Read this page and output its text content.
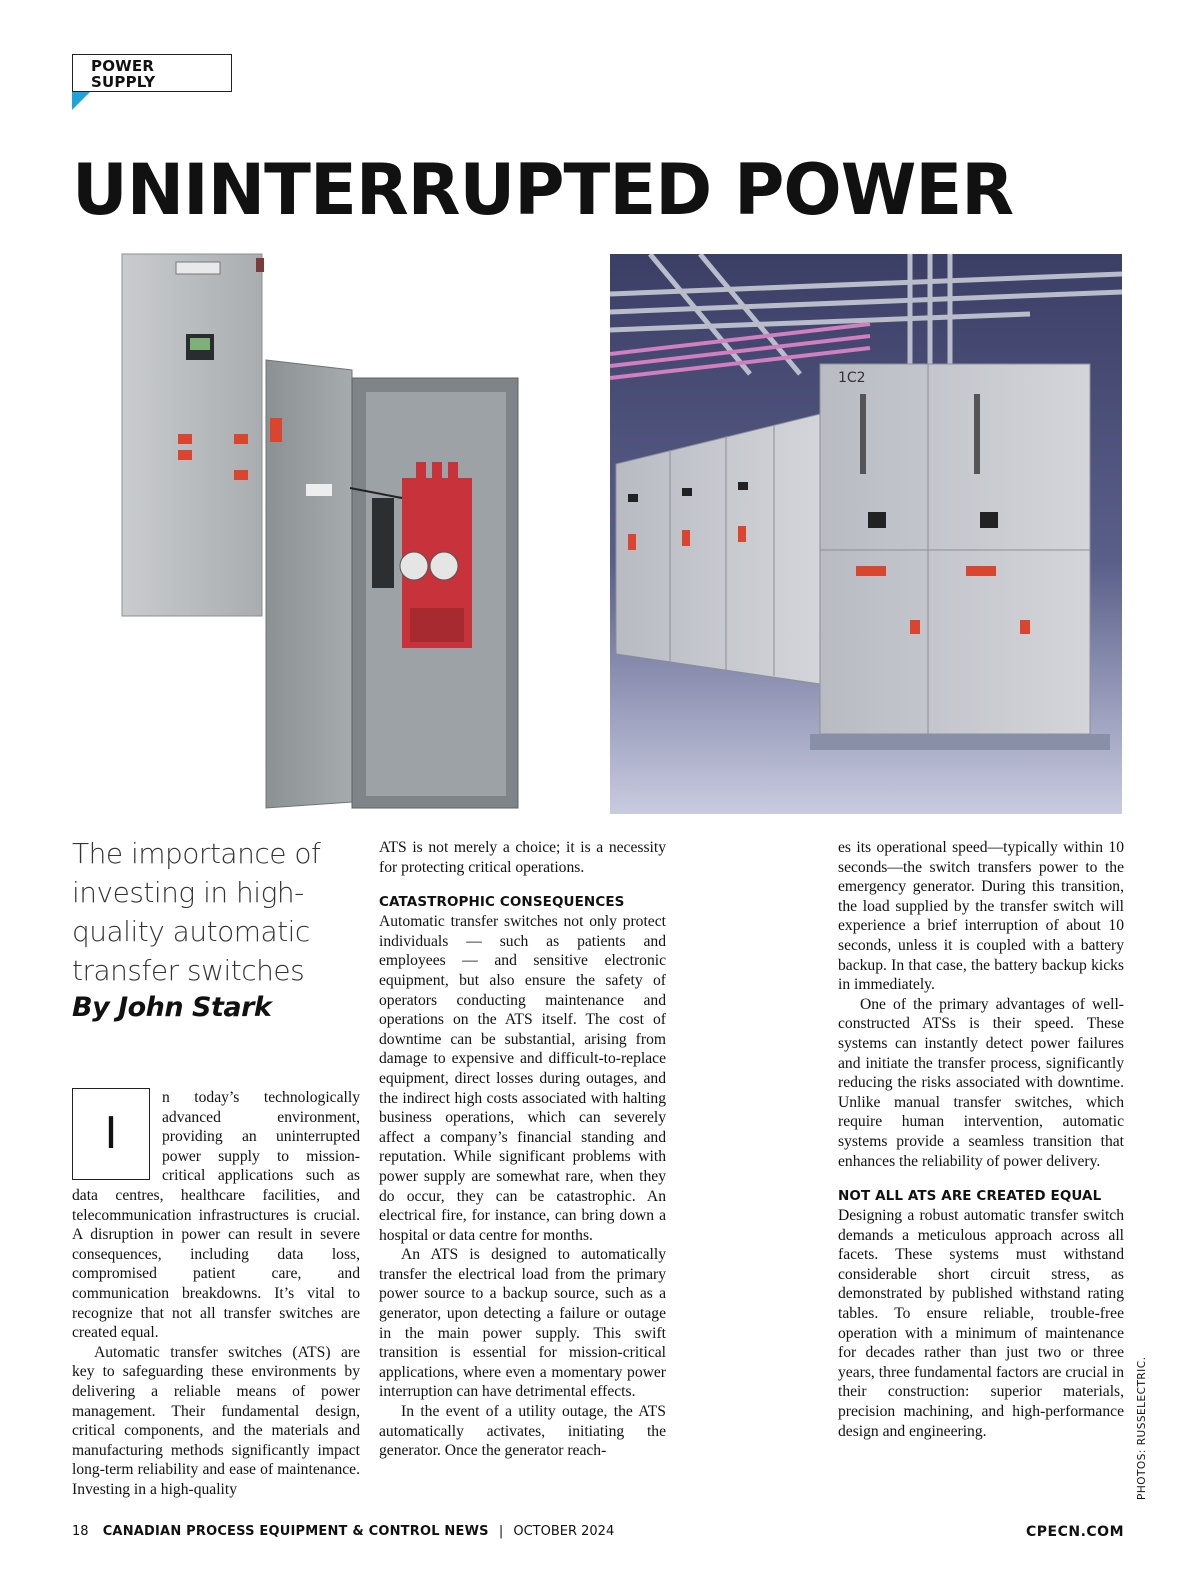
POWER
SUPPLY
UNINTERRUPTED POWER
1C2
The importance of investing in high-quality automatic transfer switches
By John Stark
I

n today’s technologically advanced environment, providing an uninterrupted power supply to mission-critical applications such as data centres, healthcare facilities, and telecommunication infrastructures is crucial. A disruption in power can result in severe consequences, including data loss, compromised patient care, and communication breakdowns. It’s vital to recognize that not all transfer switches are created equal.

Automatic transfer switches (ATS) are key to safeguarding these environments by delivering a reliable means of power management. Their fundamental design, critical components, and the materials and manufacturing methods significantly impact long-term reliability and ease of maintenance. Investing in a high-quality

ATS is not merely a choice; it is a necessity for protecting critical operations.

CATASTROPHIC CONSEQUENCES

Automatic transfer switches not only protect individuals — such as patients and employees — and sensitive electronic equipment, but also ensure the safety of operators conducting maintenance and operations on the ATS itself. The cost of downtime can be substantial, arising from damage to expensive and difficult-to-replace equipment, direct losses during outages, and the indirect high costs associated with halting business operations, which can severely affect a company’s financial standing and reputation. While significant problems with power supply are somewhat rare, when they do occur, they can be catastrophic. An electrical fire, for instance, can bring down a hospital or data centre for months.

An ATS is designed to automatically transfer the electrical load from the primary power source to a backup source, such as a generator, upon detecting a failure or outage in the main power supply. This swift transition is essential for mission-critical applications, where even a momentary power interruption can have detrimental effects.

In the event of a utility outage, the ATS automatically activates, initiating the generator. Once the generator reach-

es its operational speed—typically within 10 seconds—the switch transfers power to the emergency generator. During this transition, the load supplied by the transfer switch will experience a brief interruption of about 10 seconds, unless it is coupled with a battery backup. In that case, the battery backup kicks in immediately.

One of the primary advantages of well-constructed ATSs is their speed. These systems can instantly detect power failures and initiate the transfer process, significantly reducing the risks associated with downtime. Unlike manual transfer switches, which require human intervention, automatic systems provide a seamless transition that enhances the reliability of power delivery.

NOT ALL ATS ARE CREATED EQUAL

Designing a robust automatic transfer switch demands a meticulous approach across all facets. These systems must withstand considerable short circuit stress, as demonstrated by published withstand rating tables. To ensure reliable, trouble-free operation with a minimum of maintenance for decades rather than just two or three years, three fundamental factors are crucial in their construction: superior materials, precision machining, and high-performance design and engineering.	PHOTOS: RUSSELECTRIC.
18 CANADIAN PROCESS EQUIPMENT & CONTROL NEWS | OCTOBER 2024	CPECN.COM
